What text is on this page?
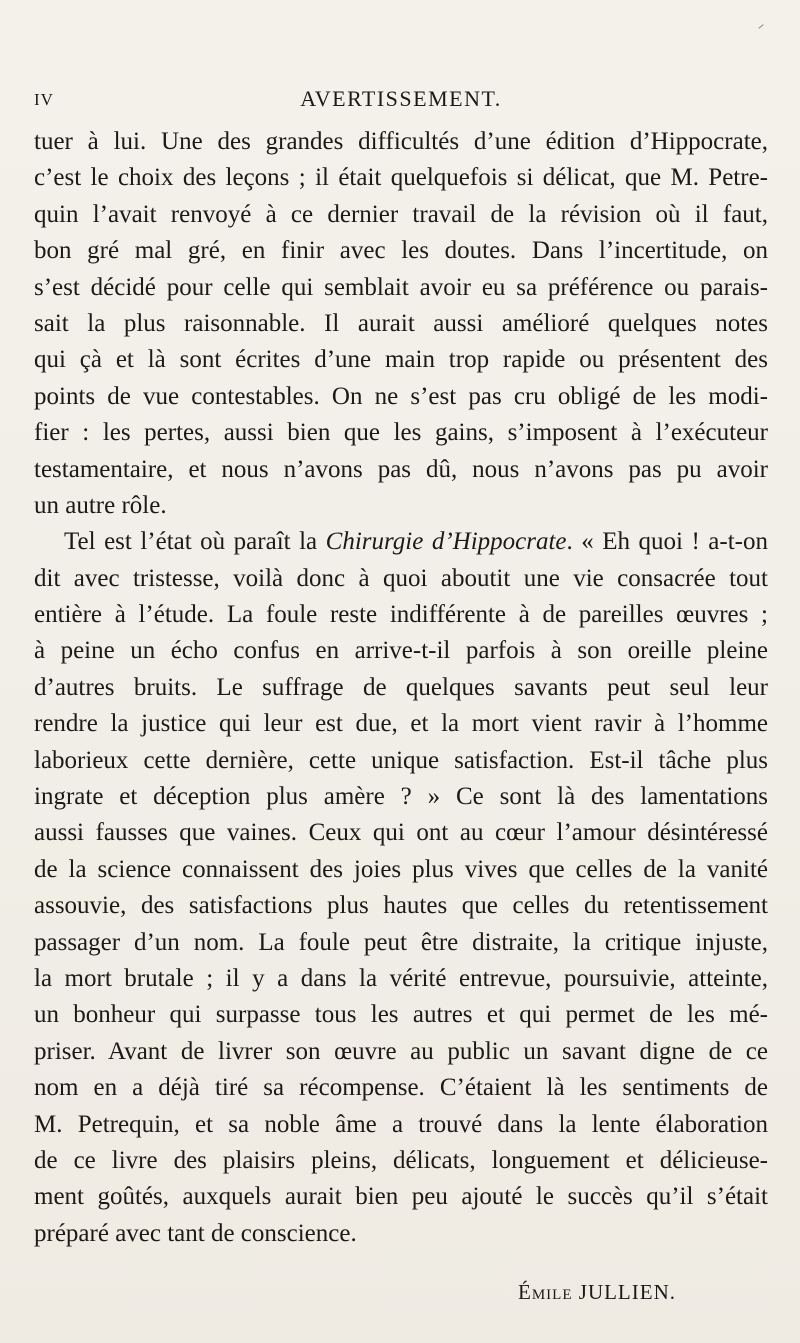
IV	AVERTISSEMENT.
tuer à lui. Une des grandes difficultés d’une édition d’Hippocrate,
c’est le choix des leçons ; il était quelquefois si délicat, que M. Petre-
quin l’avait renvoyé à ce dernier travail de la révision où il faut,
bon gré mal gré, en finir avec les doutes. Dans l’incertitude, on
s’est décidé pour celle qui semblait avoir eu sa préférence ou parais-
sait la plus raisonnable. Il aurait aussi amélioré quelques notes
qui çà et là sont écrites d’une main trop rapide ou présentent des
points de vue contestables. On ne s’est pas cru obligé de les modi-
fier : les pertes, aussi bien que les gains, s’imposent à l’exécuteur
testamentaire, et nous n’avons pas dû, nous n’avons pas pu avoir
un autre rôle.
Tel est l’état où paraît la Chirurgie d’Hippocrate. « Eh quoi ! a-t-on
dit avec tristesse, voilà donc à quoi aboutit une vie consacrée tout
entière à l’étude. La foule reste indifférente à de pareilles œuvres ;
à peine un écho confus en arrive-t-il parfois à son oreille pleine
d’autres bruits. Le suffrage de quelques savants peut seul leur
rendre la justice qui leur est due, et la mort vient ravir à l’homme
laborieux cette dernière, cette unique satisfaction. Est-il tâche plus
ingrate et déception plus amère ? » Ce sont là des lamentations
aussi fausses que vaines. Ceux qui ont au cœur l’amour désintéressé
de la science connaissent des joies plus vives que celles de la vanité
assouvie, des satisfactions plus hautes que celles du retentissement
passager d’un nom. La foule peut être distraite, la critique injuste,
la mort brutale ; il y a dans la vérité entrevue, poursuivie, atteinte,
un bonheur qui surpasse tous les autres et qui permet de les mé-
priser. Avant de livrer son œuvre au public un savant digne de ce
nom en a déjà tiré sa récompense. C’étaient là les sentiments de
M. Petrequin, et sa noble âme a trouvé dans la lente élaboration
de ce livre des plaisirs pleins, délicats, longuement et délicieuse-
ment goûtés, auxquels aurait bien peu ajouté le succès qu’il s’était
préparé avec tant de conscience.
ÉMILE JULLIEN.
